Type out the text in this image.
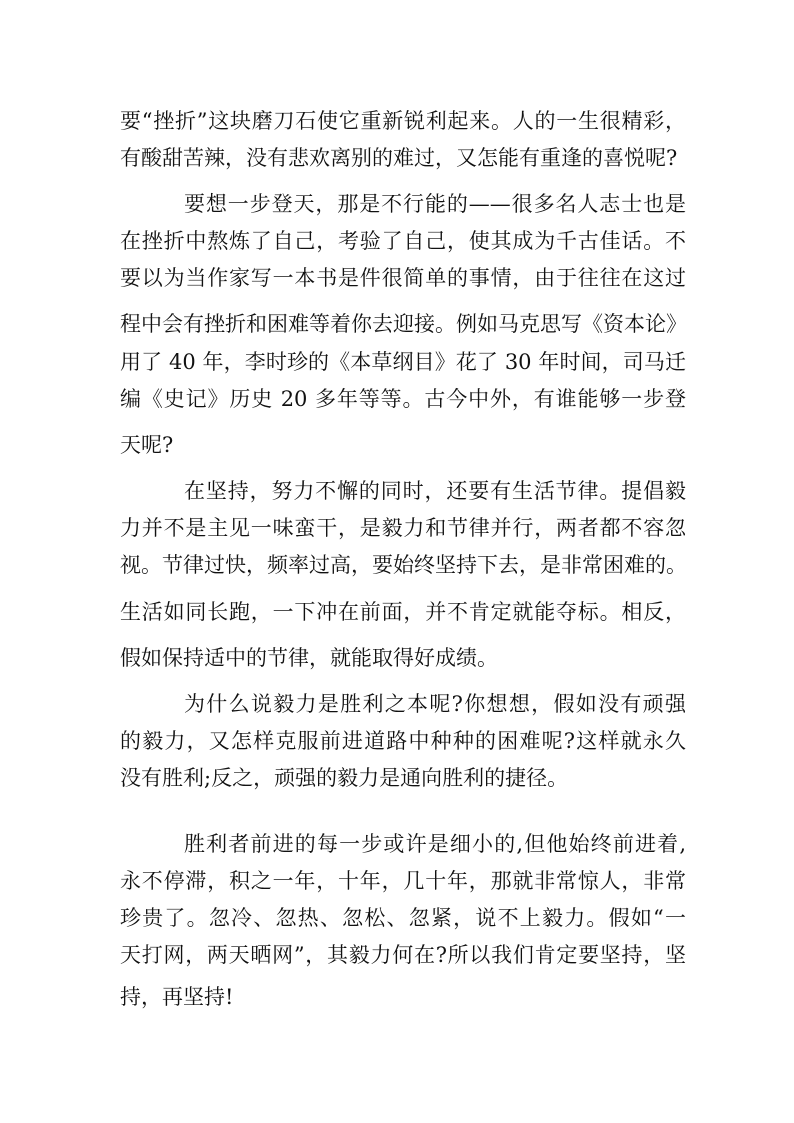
要“挫折”这块磨刀石使它重新锐利起来。人的一生很精彩，
有酸甜苦辣，没有悲欢离别的难过，又怎能有重逢的喜悦呢?
要想一步登天，那是不行能的——很多名人志士也是
在挫折中熬炼了自己，考验了自己，使其成为千古佳话。不
要以为当作家写一本书是件很简单的事情，由于往往在这过
程中会有挫折和困难等着你去迎接。例如马克思写《资本论》
用了 40 年，李时珍的《本草纲目》花了 30 年时间，司马迁
编《史记》历史 20 多年等等。古今中外，有谁能够一步登
天呢?
在坚持，努力不懈的同时，还要有生活节律。提倡毅
力并不是主见一味蛮干，是毅力和节律并行，两者都不容忽
视。节律过快，频率过高，要始终坚持下去，是非常困难的。
生活如同长跑，一下冲在前面，并不肯定就能夺标。相反，
假如保持适中的节律，就能取得好成绩。
为什么说毅力是胜利之本呢?你想想，假如没有顽强
的毅力，又怎样克服前进道路中种种的困难呢?这样就永久
没有胜利;反之，顽强的毅力是通向胜利的捷径。
胜利者前进的每一步或许是细小的,但他始终前进着,
永不停滞，积之一年，十年，几十年，那就非常惊人，非常
珍贵了。忽冷、忽热、忽松、忽紧，说不上毅力。假如“一
天打网，两天晒网”，其毅力何在?所以我们肯定要坚持，坚
持，再坚持!
